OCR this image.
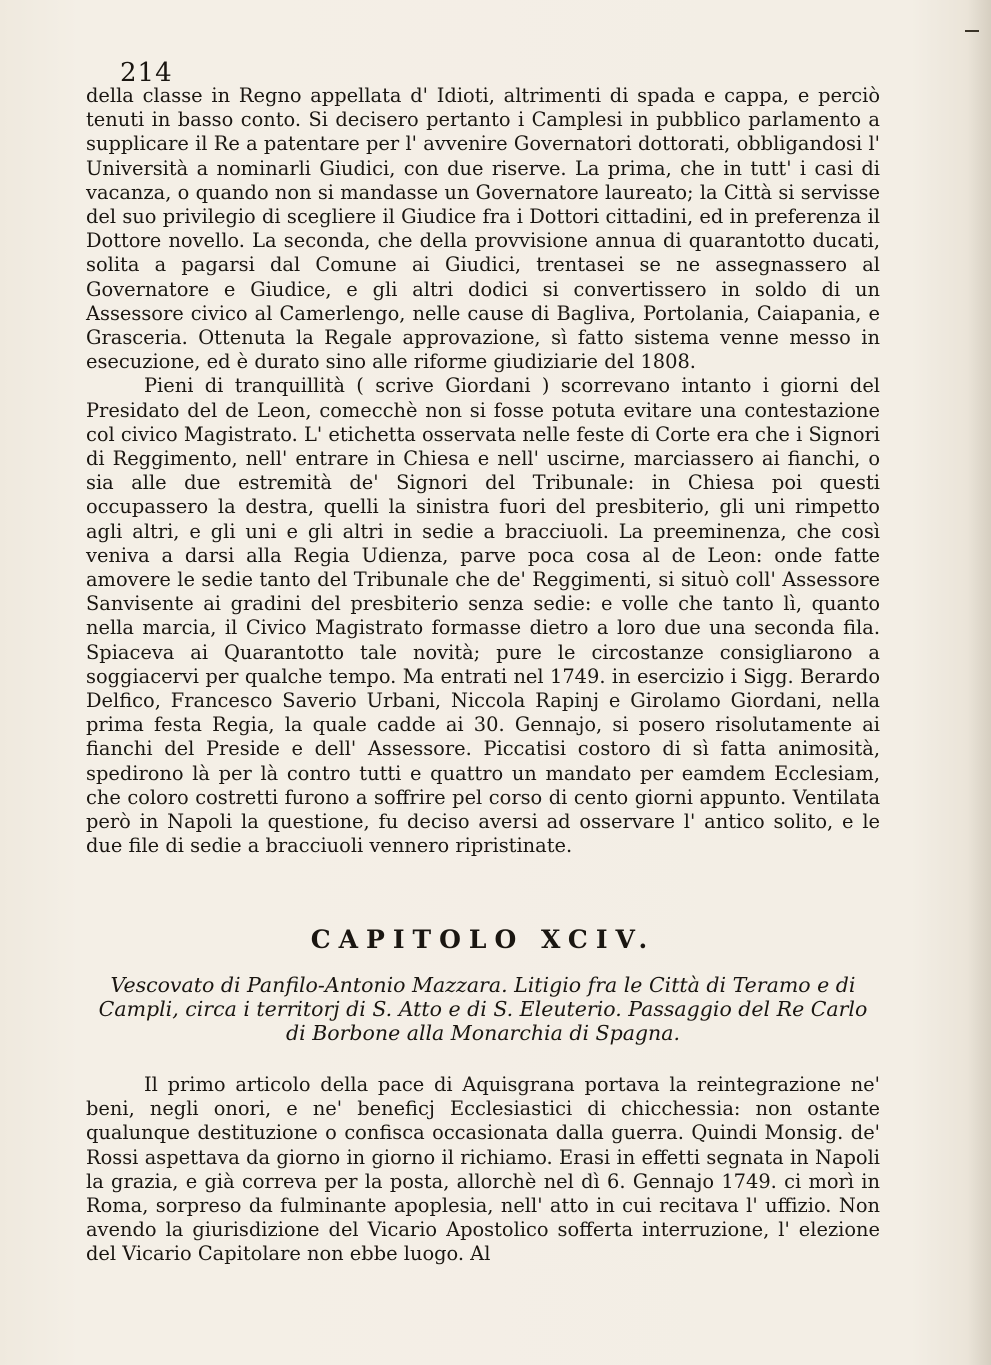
214

della classe in Regno appellata d' Idioti, altrimenti di spada e cappa, e perciò tenuti in basso conto. Si decisero pertanto i Camplesi in pubblico parlamento a supplicare il Re a patentare per l' avvenire Governatori dottorati, obbligandosi l' Università a nominarli Giudici, con due riserve. La prima, che in tutt' i casi di vacanza, o quando non si mandasse un Governatore laureato; la Città si servisse del suo privilegio di scegliere il Giudice fra i Dottori cittadini, ed in preferenza il Dottore novello. La seconda, che della provvisione annua di quarantotto ducati, solita a pagarsi dal Comune ai Giudici, trentasei se ne assegnassero al Governatore e Giudice, e gli altri dodici si convertissero in soldo di un Assessore civico al Camerlengo, nelle cause di Bagliva, Portolania, Caiapania, e Grasceria. Ottenuta la Regale approvazione, sì fatto sistema venne messo in esecuzione, ed è durato sino alle riforme giudiziarie del 1808.

Pieni di tranquillità ( scrive Giordani ) scorrevano intanto i giorni del Presidato del de Leon, comecchè non si fosse potuta evitare una contestazione col civico Magistrato. L' etichetta osservata nelle feste di Corte era che i Signori di Reggimento, nell' entrare in Chiesa e nell' uscirne, marciassero ai fianchi, o sia alle due estremità de' Signori del Tribunale: in Chiesa poi questi occupassero la destra, quelli la sinistra fuori del presbiterio, gli uni rimpetto agli altri, e gli uni e gli altri in sedie a bracciuoli. La preeminenza, che così veniva a darsi alla Regia Udienza, parve poca cosa al de Leon: onde fatte amovere le sedie tanto del Tribunale che de' Reggimenti, si situò coll' Assessore Sanvisente ai gradini del presbiterio senza sedie: e volle che tanto lì, quanto nella marcia, il Civico Magistrato formasse dietro a loro due una seconda fila. Spiaceva ai Quarantotto tale novità; pure le circostanze consigliarono a soggiacervi per qualche tempo. Ma entrati nel 1749. in esercizio i Sigg. Berardo Delfico, Francesco Saverio Urbani, Niccola Rapinj e Girolamo Giordani, nella prima festa Regia, la quale cadde ai 30. Gennajo, si posero risolutamente ai fianchi del Preside e dell' Assessore. Piccatisi costoro di sì fatta animosità, spedirono là per là contro tutti e quattro un mandato per eamdem Ecclesiam, che coloro costretti furono a soffrire pel corso di cento giorni appunto. Ventilata però in Napoli la questione, fu deciso aversi ad osservare l' antico solito, e le due file di sedie a bracciuoli vennero ripristinate.

CAPITOLO XCIV.
Vescovato di Panfilo-Antonio Mazzara. Litigio fra le Città di Teramo e di Campli, circa i territorj di S. Atto e di S. Eleuterio. Passaggio del Re Carlo di Borbone alla Monarchia di Spagna.

Il primo articolo della pace di Aquisgrana portava la reintegrazione ne' beni, negli onori, e ne' beneficj Ecclesiastici di chicchessia: non ostante qualunque destituzione o confisca occasionata dalla guerra. Quindi Monsig. de' Rossi aspettava da giorno in giorno il richiamo. Erasi in effetti segnata in Napoli la grazia, e già correva per la posta, allorchè nel dì 6. Gennajo 1749. ci morì in Roma, sorpreso da fulminante apoplesia, nell' atto in cui recitava l' uffizio. Non avendo la giurisdizione del Vicario Apostolico sofferta interruzione, l' elezione del Vicario Capitolare non ebbe luogo. Al
